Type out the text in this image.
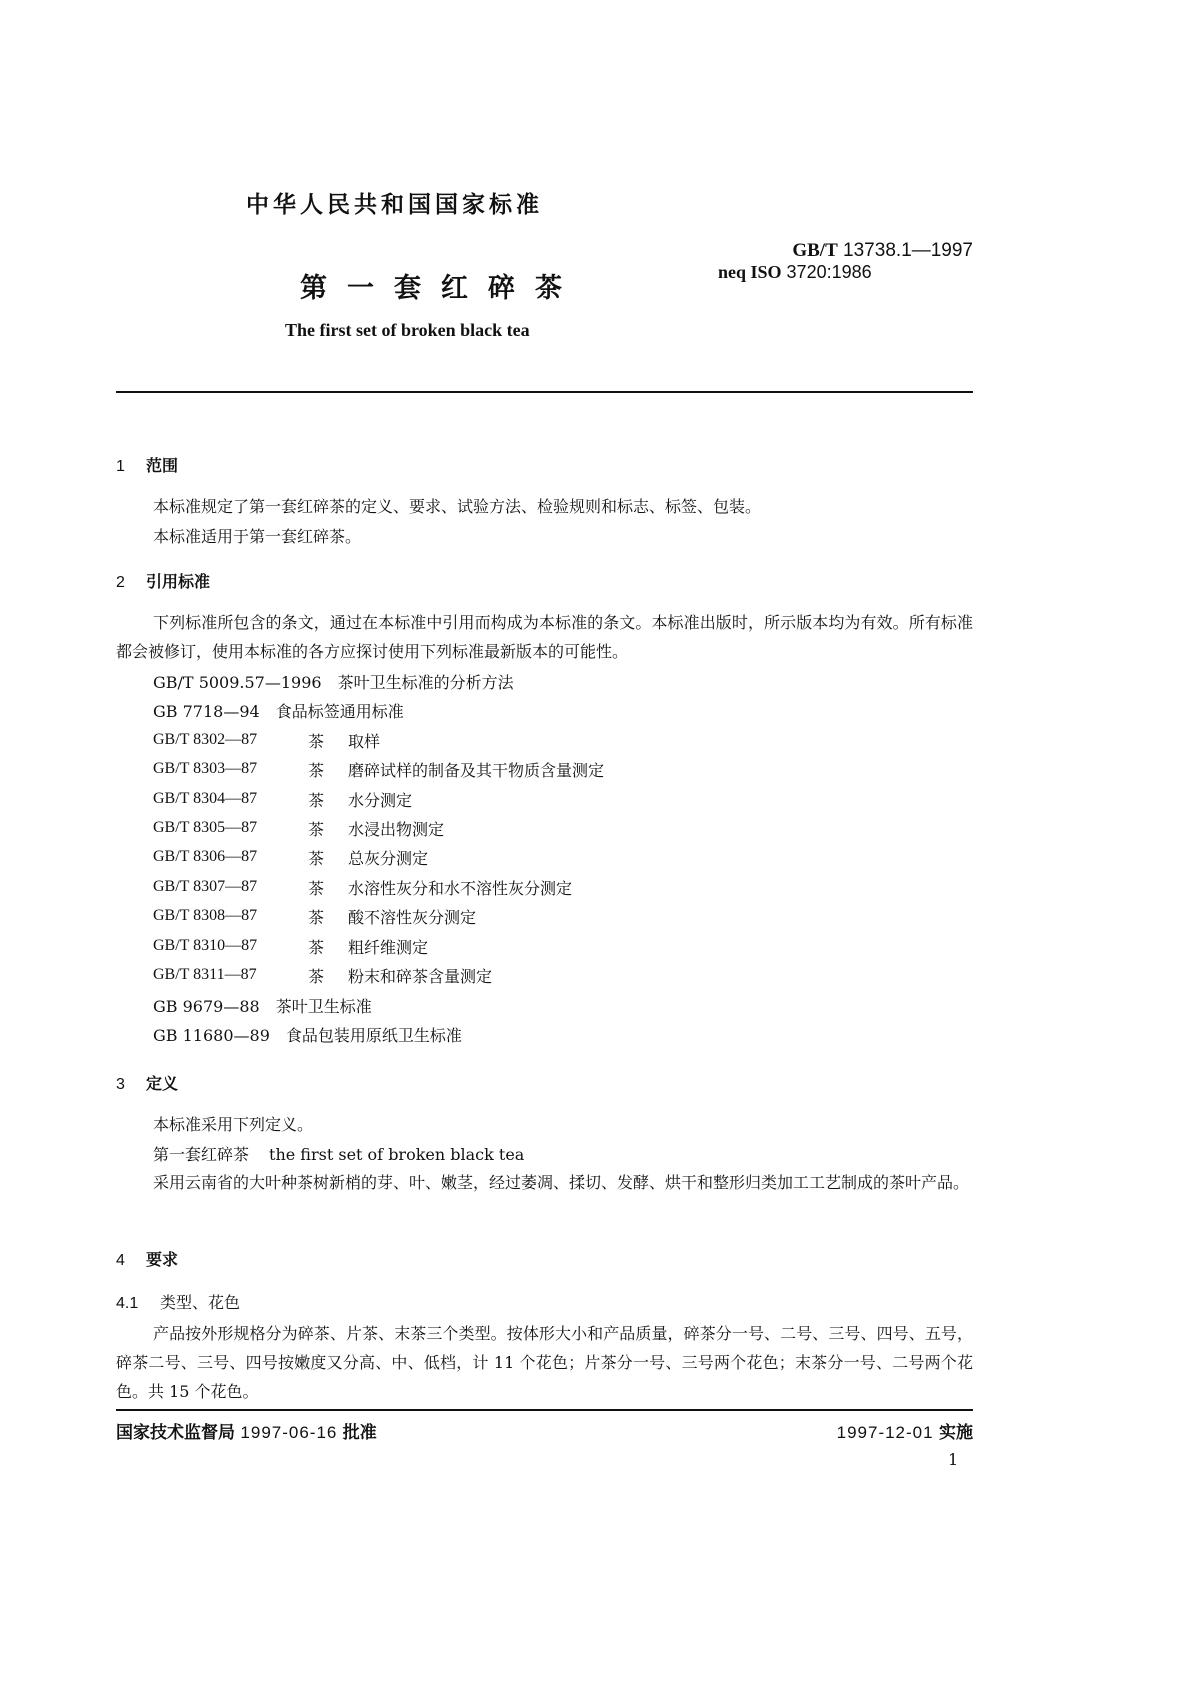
中华人民共和国国家标准
GB/T 13738.1—1997
neq ISO 3720:1986
第一套红碎茶
The first set of broken black tea
1 范围
本标准规定了第一套红碎茶的定义、要求、试验方法、检验规则和标志、标签、包装。
本标准适用于第一套红碎茶。
2 引用标准
下列标准所包含的条文，通过在本标准中引用而构成为本标准的条文。本标准出版时，所示版本均为有效。所有标准都会被修订，使用本标准的各方应探讨使用下列标准最新版本的可能性。
GB/T 5009.57—1996　茶叶卫生标准的分析方法
GB 7718—94　食品标签通用标准
GB/T 8302—87	茶 取样
GB/T 8303—87	茶 磨碎试样的制备及其干物质含量测定
GB/T 8304—87	茶 水分测定
GB/T 8305—87	茶 水浸出物测定
GB/T 8306—87	茶 总灰分测定
GB/T 8307—87	茶 水溶性灰分和水不溶性灰分测定
GB/T 8308—87	茶 酸不溶性灰分测定
GB/T 8310—87	茶 粗纤维测定
GB/T 8311—87	茶 粉末和碎茶含量测定
GB 9679—88　茶叶卫生标准
GB 11680—89　食品包装用原纸卫生标准
3 定义
本标准采用下列定义。
第一套红碎茶 the first set of broken black tea
采用云南省的大叶种茶树新梢的芽、叶、嫩茎，经过萎凋、揉切、发酵、烘干和整形归类加工工艺制成的茶叶产品。
4 要求
4.1 类型、花色
产品按外形规格分为碎茶、片茶、末茶三个类型。按体形大小和产品质量，碎茶分一号、二号、三号、四号、五号，碎茶二号、三号、四号按嫩度又分高、中、低档，计 11 个花色；片茶分一号、三号两个花色；末茶分一号、二号两个花色。共 15 个花色。
国家技术监督局 1997-06-16 批准	1997-12-01 实施
1
